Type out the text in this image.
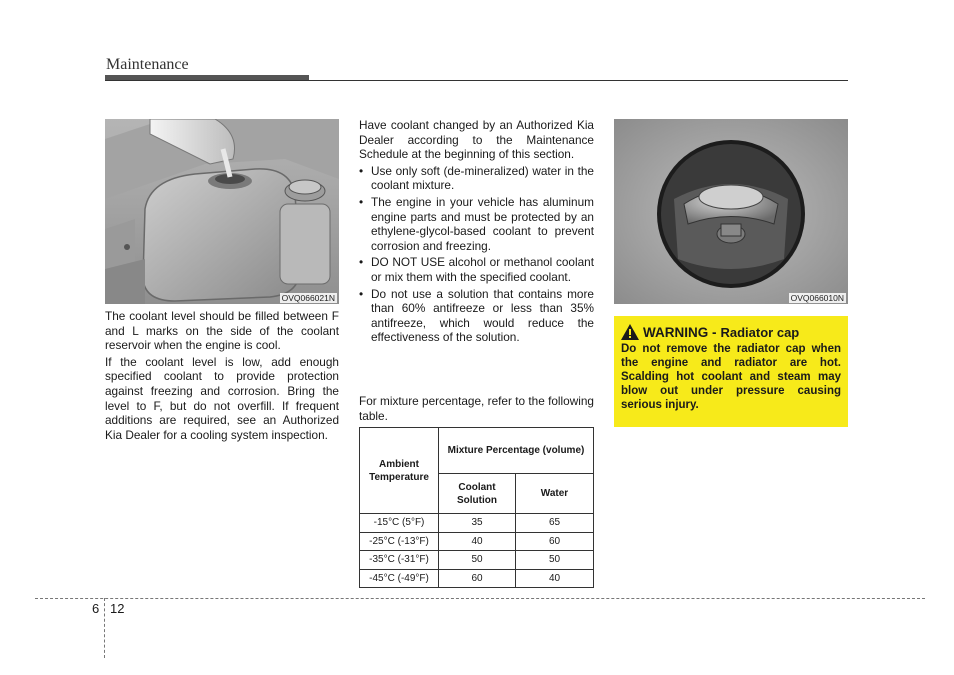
Maintenance
OVQ066021N

The coolant level should be filled between F and L marks on the side of the coolant reservoir when the engine is cool.

If the coolant level is low, add enough specified coolant to provide protection against freezing and corrosion. Bring the level to F, but do not overfill. If frequent additions are required, see an Authorized Kia Dealer for a cooling system inspection.

Have coolant changed by an Authorized Kia Dealer according to the Maintenance Schedule at the beginning of this section.

• Use only soft (de-mineralized) water in the coolant mixture.
• The engine in your vehicle has aluminum engine parts and must be protected by an ethylene-glycol-based coolant to prevent corrosion and freezing.
• DO NOT USE alcohol or methanol coolant or mix them with the specified coolant.
• Do not use a solution that contains more than 60% antifreeze or less than 35% antifreeze, which would reduce the effectiveness of the solution.

For mixture percentage, refer to the following table.

Ambient Temperature	Mixture Percentage (volume)	
	Coolant Solution	Water
-15°C (5°F)	35	65
-25°C (-13°F)	40	60
-35°C (-31°F)	50	50
-45°C (-49°F)	60	40
OVQ066010N
WARNING - Radiator cap
Do not remove the radiator cap when the engine and radiator are hot. Scalding hot coolant and steam may blow out under pressure causing serious injury.
6 12
